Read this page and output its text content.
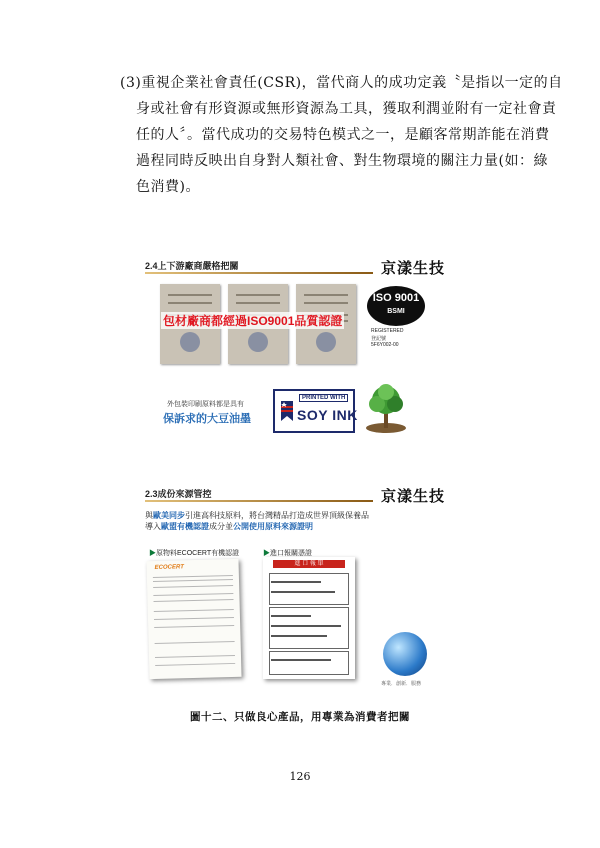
(3)重視企業社會責任(CSR)，當代商人的成功定義〝是指以一定的自
身或社會有形資源或無形資源為工具，獲取利潤並附有一定社會責
任的人〞。當代成功的交易特色模式之一，是顧客常期詐能在消費
過程同時反映出自身對人類社會、對生物環境的關注力量(如：綠
色消費)。
2.4上下游廠商嚴格把關	京漾生技
包材廠商都經過ISO9001品質認證
ISO 9001
BSMI
REGISTERED
登記號
5F6Y002-00
外包裝印刷原料都是具有
保訴求的大豆油墨
PRINTED WITH
SOY INK
2.3成份來源管控	京漾生技
與歐美同步引進高科技原料，將台灣精品打造成世界頂級保養品
導入歐盟有機認證成分並公開使用原料來源證明
▶原物料ECOCERT有機認證	▶進口報關憑證
ECOCERT
進 口 報 單
專業．創新．服務
圖十二、只做良心產品，用專業為消費者把關
126
